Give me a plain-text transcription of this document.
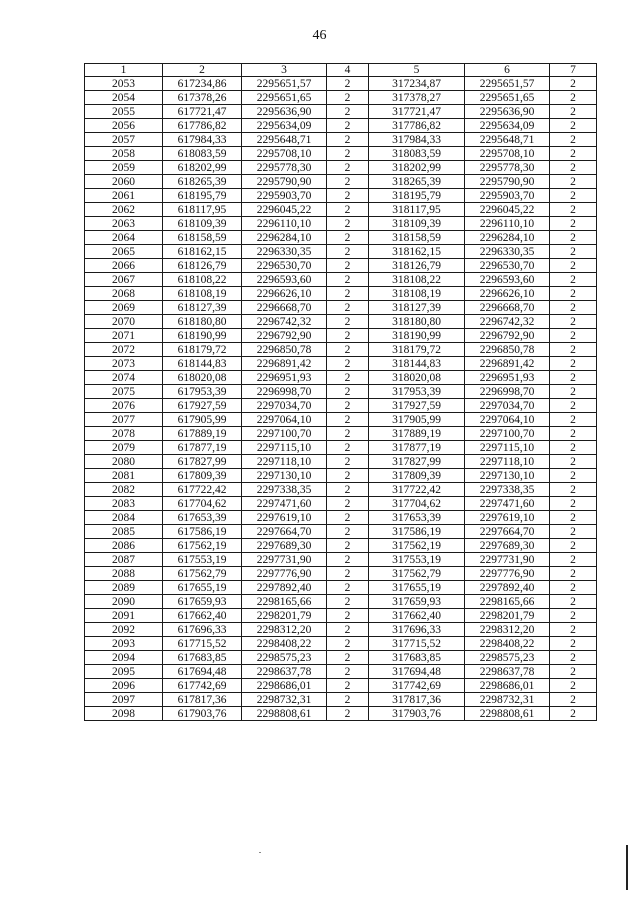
46
1	2	3	4	5	6	7
2053	617234,86	2295651,57	2	317234,87	2295651,57	2
2054	617378,26	2295651,65	2	317378,27	2295651,65	2
2055	617721,47	2295636,90	2	317721,47	2295636,90	2
2056	617786,82	2295634,09	2	317786,82	2295634,09	2
2057	617984,33	2295648,71	2	317984,33	2295648,71	2
2058	618083,59	2295708,10	2	318083,59	2295708,10	2
2059	618202,99	2295778,30	2	318202,99	2295778,30	2
2060	618265,39	2295790,90	2	318265,39	2295790,90	2
2061	618195,79	2295903,70	2	318195,79	2295903,70	2
2062	618117,95	2296045,22	2	318117,95	2296045,22	2
2063	618109,39	2296110,10	2	318109,39	2296110,10	2
2064	618158,59	2296284,10	2	318158,59	2296284,10	2
2065	618162,15	2296330,35	2	318162,15	2296330,35	2
2066	618126,79	2296530,70	2	318126,79	2296530,70	2
2067	618108,22	2296593,60	2	318108,22	2296593,60	2
2068	618108,19	2296626,10	2	318108,19	2296626,10	2
2069	618127,39	2296668,70	2	318127,39	2296668,70	2
2070	618180,80	2296742,32	2	318180,80	2296742,32	2
2071	618190,99	2296792,90	2	318190,99	2296792,90	2
2072	618179,72	2296850,78	2	318179,72	2296850,78	2
2073	618144,83	2296891,42	2	318144,83	2296891,42	2
2074	618020,08	2296951,93	2	318020,08	2296951,93	2
2075	617953,39	2296998,70	2	317953,39	2296998,70	2
2076	617927,59	2297034,70	2	317927,59	2297034,70	2
2077	617905,99	2297064,10	2	317905,99	2297064,10	2
2078	617889,19	2297100,70	2	317889,19	2297100,70	2
2079	617877,19	2297115,10	2	317877,19	2297115,10	2
2080	617827,99	2297118,10	2	317827,99	2297118,10	2
2081	617809,39	2297130,10	2	317809,39	2297130,10	2
2082	617722,42	2297338,35	2	317722,42	2297338,35	2
2083	617704,62	2297471,60	2	317704,62	2297471,60	2
2084	617653,39	2297619,10	2	317653,39	2297619,10	2
2085	617586,19	2297664,70	2	317586,19	2297664,70	2
2086	617562,19	2297689,30	2	317562,19	2297689,30	2
2087	617553,19	2297731,90	2	317553,19	2297731,90	2
2088	617562,79	2297776,90	2	317562,79	2297776,90	2
2089	617655,19	2297892,40	2	317655,19	2297892,40	2
2090	617659,93	2298165,66	2	317659,93	2298165,66	2
2091	617662,40	2298201,79	2	317662,40	2298201,79	2
2092	617696,33	2298312,20	2	317696,33	2298312,20	2
2093	617715,52	2298408,22	2	317715,52	2298408,22	2
2094	617683,85	2298575,23	2	317683,85	2298575,23	2
2095	617694,48	2298637,78	2	317694,48	2298637,78	2
2096	617742,69	2298686,01	2	317742,69	2298686,01	2
2097	617817,36	2298732,31	2	317817,36	2298732,31	2
2098	617903,76	2298808,61	2	317903,76	2298808,61	2
